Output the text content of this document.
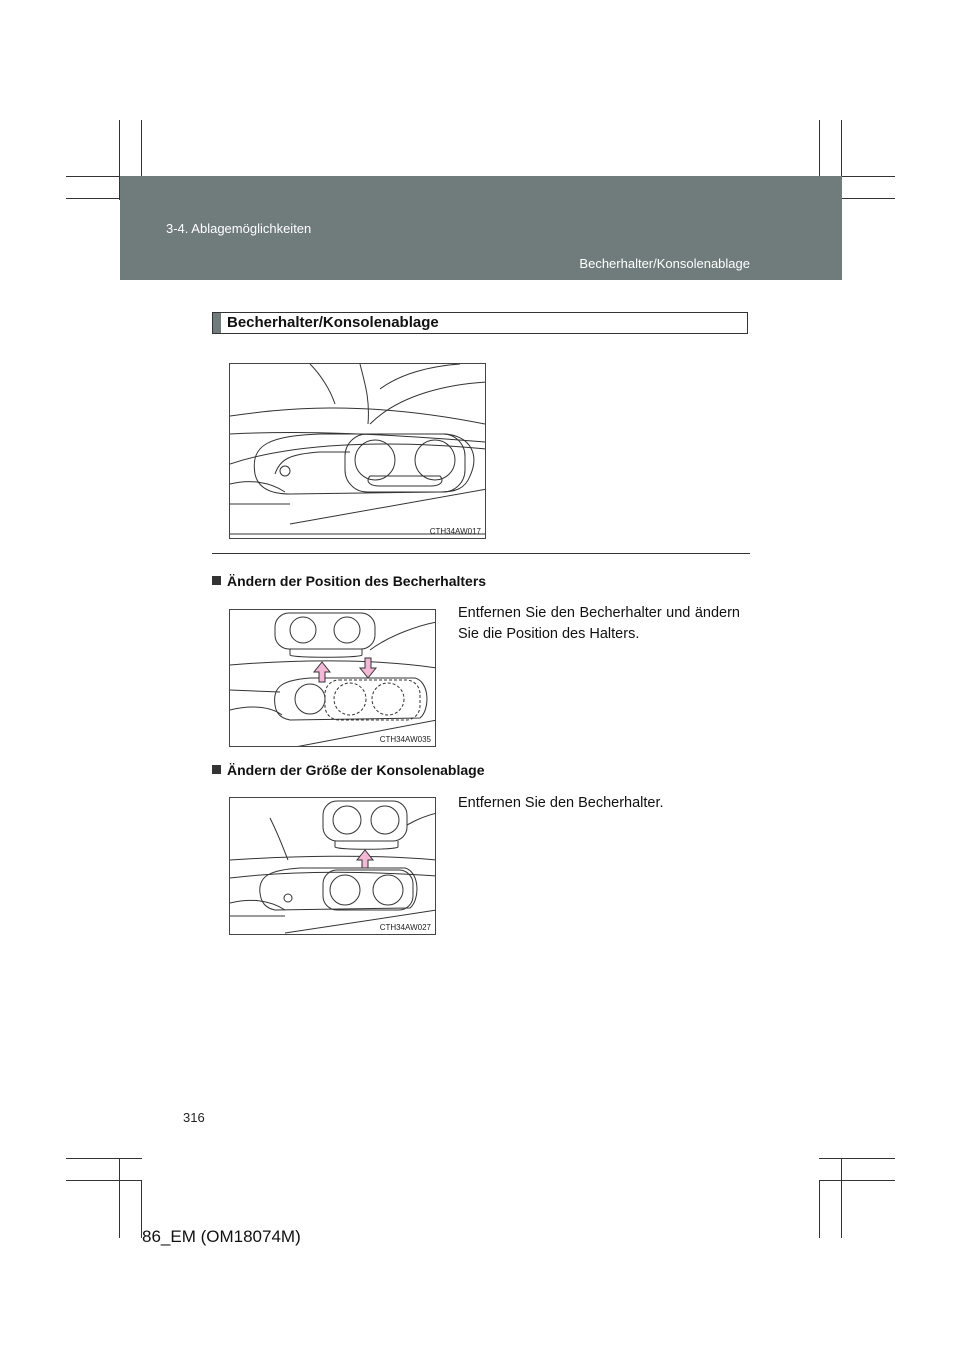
3-4. Ablagemöglichkeiten
Becherhalter/Konsolenablage
Becherhalter/Konsolenablage
CTH34AW017
Ändern der Position des Becherhalters
CTH34AW035
Entfernen Sie den Becherhalter und ändern Sie die Position des Halters.
Ändern der Größe der Konsolenablage
CTH34AW027
Entfernen Sie den Becherhalter.
316
86_EM (OM18074M)
